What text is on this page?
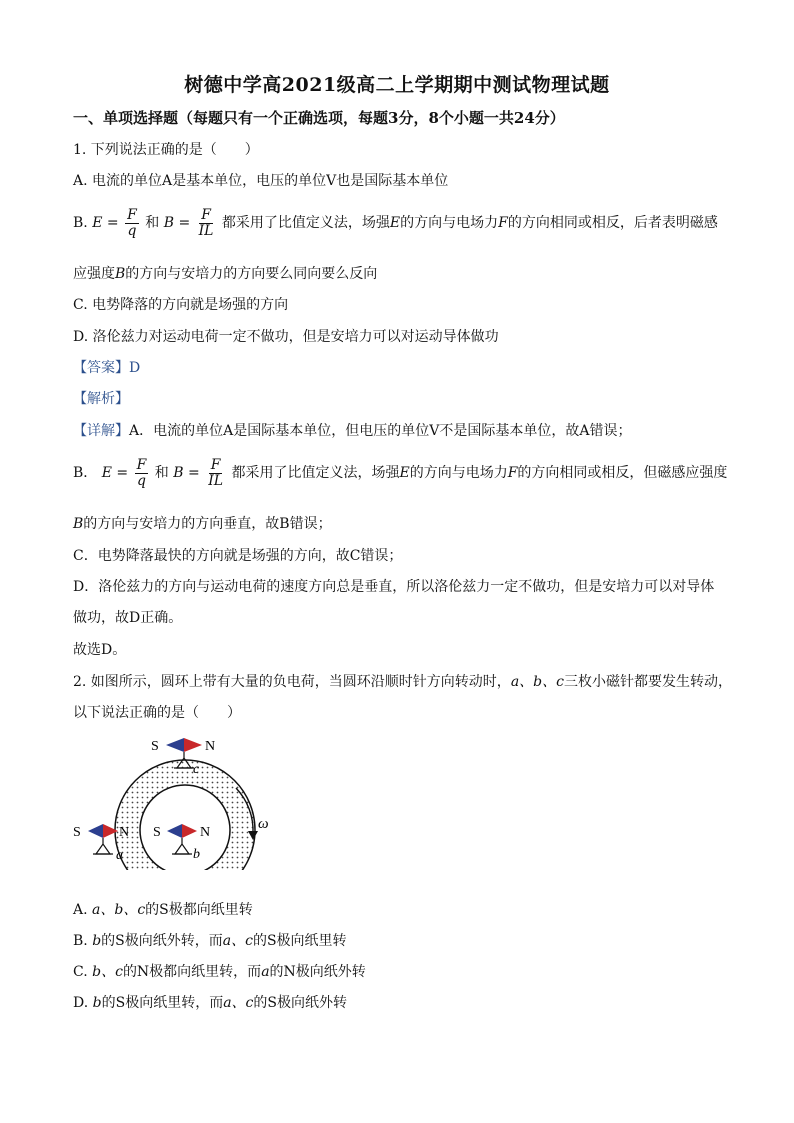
树德中学高2021级高二上学期期中测试物理试题
一、单项选择题（每题只有一个正确选项，每题3分，8个小题一共24分）
1. 下列说法正确的是（　　）
A. 电流的单位A是基本单位，电压的单位V也是国际基本单位
B. $E = \frac{F}{q}$ 和 $B = \frac{F}{IL}$ 都采用了比值定义法，场强E的方向与电场力F的方向相同或相反，后者表明磁感
应强度B的方向与安培力的方向要么同向要么反向
C. 电势降落的方向就是场强的方向
D. 洛伦兹力对运动电荷一定不做功，但是安培力可以对运动导体做功
【答案】D
【解析】
【详解】A．电流的单位A是国际基本单位，但电压的单位V不是国际基本单位，故A错误；
B． $E = \frac{F}{q}$ 和 $B = \frac{F}{IL}$ 都采用了比值定义法，场强E的方向与电场力F的方向相同或相反，但磁感应强度
B的方向与安培力的方向垂直，故B错误；
C．电势降落最快的方向就是场强的方向，故C错误；
D．洛伦兹力的方向与运动电荷的速度方向总是垂直，所以洛伦兹力一定不做功，但是安培力可以对导体
做功，故D正确。
故选D。
2. 如图所示，圆环上带有大量的负电荷，当圆环沿顺时针方向转动时，a、b、c三枚小磁针都要发生转动，
以下说法正确的是（　　）
ω
S	N
c
S	N
a
S	N
b
A. a、b、c的S极都向纸里转
B. b的S极向纸外转，而a、c的S极向纸里转
C. b、c的N极都向纸里转，而a的N极向纸外转
D. b的S极向纸里转，而a、c的S极向纸外转
